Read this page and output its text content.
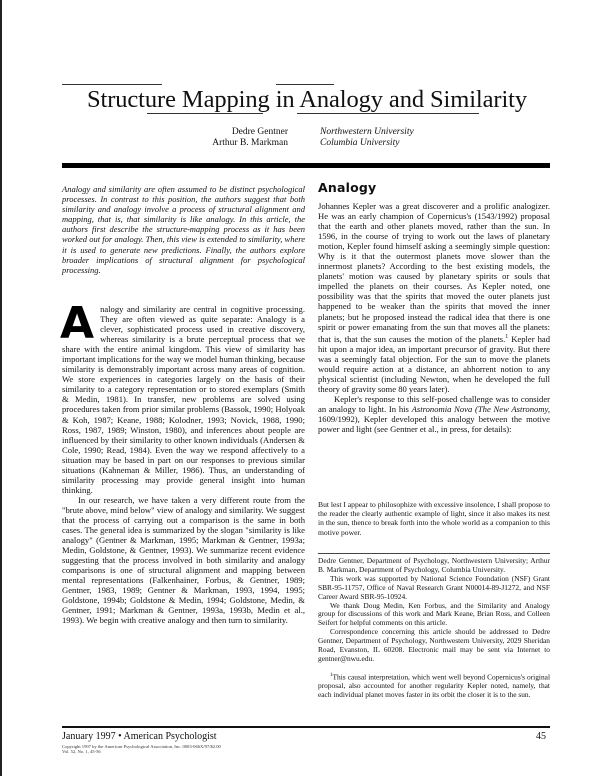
Structure Mapping in Analogy and Similarity
Dedre Gentner
Arthur B. Markman
Northwestern University
Columbia University

Analogy and similarity are often assumed to be distinct psychological processes. In contrast to this position, the authors suggest that both similarity and analogy involve a process of structural alignment and mapping, that is, that similarity is like analogy. In this article, the authors first describe the structure-mapping process as it has been worked out for analogy. Then, this view is extended to similarity, where it is used to generate new predictions. Finally, the authors explore broader implications of structural alignment for psychological processing.

Analogy and similarity are central in cognitive processing. They are often viewed as quite separate: Analogy is a clever, sophisticated process used in creative discovery, whereas similarity is a brute perceptual process that we share with the entire animal kingdom. This view of similarity has important implications for the way we model human thinking, because similarity is demonstrably important across many areas of cognition. We store experiences in categories largely on the basis of their similarity to a category representation or to stored exemplars (Smith & Medin, 1981). In transfer, new problems are solved using procedures taken from prior similar problems (Bassok, 1990; Holyoak & Koh, 1987; Keane, 1988; Kolodner, 1993; Novick, 1988, 1990; Ross, 1987, 1989; Winston, 1980), and inferences about people are influenced by their similarity to other known individuals (Andersen & Cole, 1990; Read, 1984). Even the way we respond affectively to a situation may be based in part on our responses to previous similar situations (Kahneman & Miller, 1986). Thus, an understanding of similarity processing may provide general insight into human thinking.

In our research, we have taken a very different route from the "brute above, mind below" view of analogy and similarity. We suggest that the process of carrying out a comparison is the same in both cases. The general idea is summarized by the slogan "similarity is like analogy" (Gentner & Markman, 1995; Markman & Gentner, 1993a; Medin, Goldstone, & Gentner, 1993). We summarize recent evidence suggesting that the process involved in both similarity and analogy comparisons is one of structural alignment and mapping between mental representations (Falkenhainer, Forbus, & Gentner, 1989; Gentner, 1983, 1989; Gentner & Markman, 1993, 1994, 1995; Goldstone, 1994b; Goldstone & Medin, 1994; Goldstone, Medin, & Gentner, 1991; Markman & Gentner, 1993a, 1993b, Medin et al., 1993). We begin with creative analogy and then turn to similarity.

Analogy

Johannes Kepler was a great discoverer and a prolific analogizer. He was an early champion of Copernicus's (1543/1992) proposal that the earth and other planets moved, rather than the sun. In 1596, in the course of trying to work out the laws of planetary motion, Kepler found himself asking a seemingly simple question: Why is it that the outermost planets move slower than the innermost planets? According to the best existing models, the planets' motion was caused by planetary spirits or souls that impelled the planets on their courses. As Kepler noted, one possibility was that the spirits that moved the outer planets just happened to be weaker than the spirits that moved the inner planets; but he proposed instead the radical idea that there is one spirit or power emanating from the sun that moves all the planets: that is, that the sun causes the motion of the planets.$^1$ Kepler had hit upon a major idea, an important precursor of gravity. But there was a seemingly fatal objection. For the sun to move the planets would require action at a distance, an abhorrent notion to any physical scientist (including Newton, when he developed the full theory of gravity some 80 years later).

Kepler's response to this self-posed challenge was to consider an analogy to light. In his Astronomia Nova (The New Astronomy, 1609/1992), Kepler developed this analogy between the motive power and light (see Gentner et al., in press, for details):

But lest I appear to philosophize with excessive insolence, I shall propose to the reader the clearly authentic example of light, since it also makes its nest in the sun, thence to break forth into the whole world as a companion to this motive power.

Dedre Gentner, Department of Psychology, Northwestern University; Arthur B. Markman, Department of Psychology, Columbia University.

This work was supported by National Science Foundation (NSF) Grant SBR-95-11757, Office of Naval Research Grant N00014-89-J1272, and NSF Career Award SBR-95-10924.

We thank Doug Medin, Ken Forbus, and the Similarity and Analogy group for discussions of this work and Mark Keane, Brian Ross, and Colleen Seifert for helpful comments on this article.

Correspondence concerning this article should be addressed to Dedre Gentner, Department of Psychology, Northwestern University, 2029 Sheridan Road, Evanston, IL 60208. Electronic mail may be sent via Internet to gentner@nwu.edu.

$^1$This causal interpretation, which went well beyond Copernicus's original proposal, also accounted for another regularity Kepler noted, namely, that each individual planet moves faster in its orbit the closer it is to the sun.

January 1997 • American Psychologist
Copyright 1997 by the American Psychological Association, Inc. 0003-066X/97/$2.00
Vol. 52, No. 1, 45-56
45
